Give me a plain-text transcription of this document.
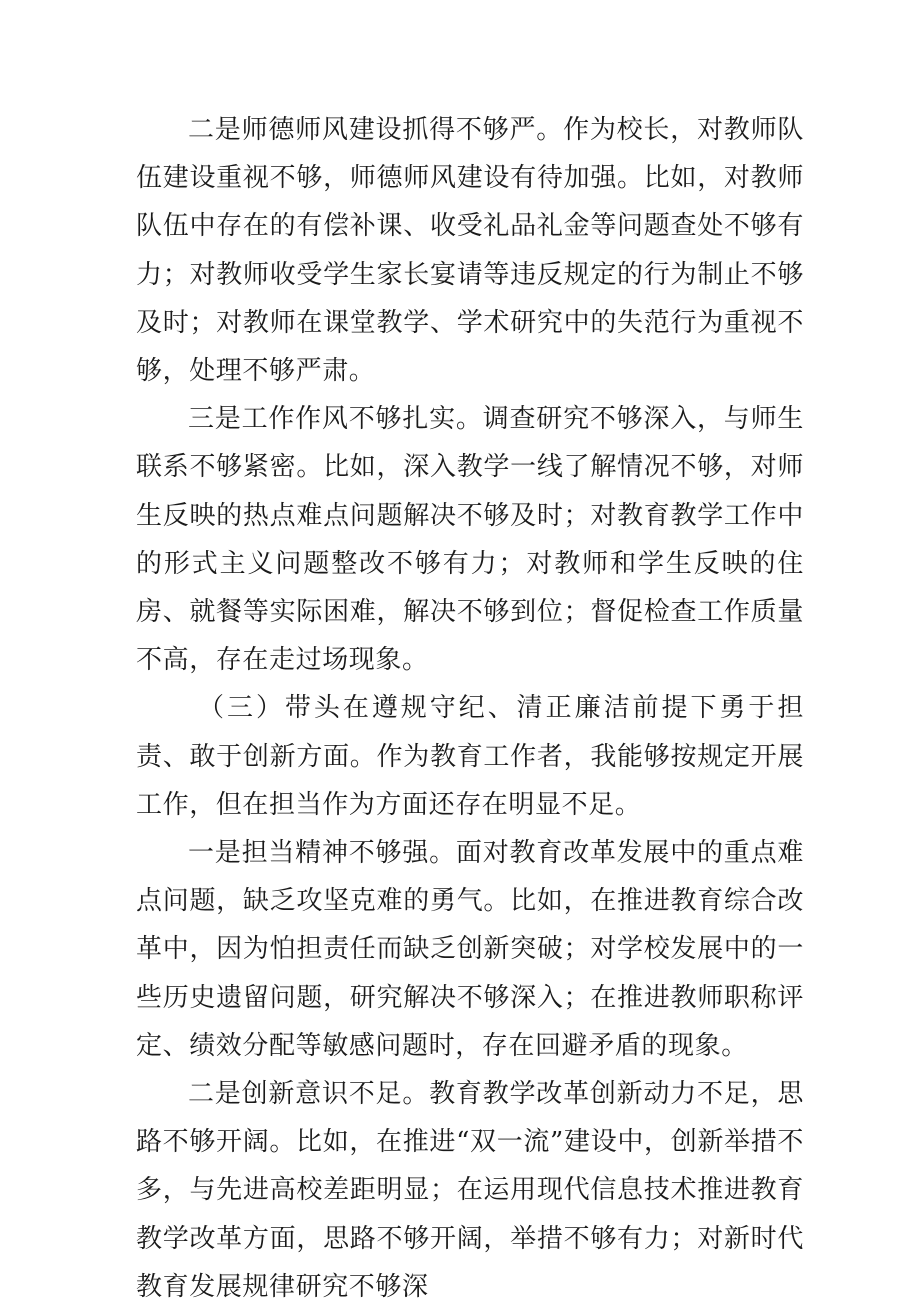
二是师德师风建设抓得不够严。作为校长，对教师队伍建设重视不够，师德师风建设有待加强。比如，对教师队伍中存在的有偿补课、收受礼品礼金等问题查处不够有力；对教师收受学生家长宴请等违反规定的行为制止不够及时；对教师在课堂教学、学术研究中的失范行为重视不够，处理不够严肃。

三是工作作风不够扎实。调查研究不够深入，与师生联系不够紧密。比如，深入教学一线了解情况不够，对师生反映的热点难点问题解决不够及时；对教育教学工作中的形式主义问题整改不够有力；对教师和学生反映的住房、就餐等实际困难，解决不够到位；督促检查工作质量不高，存在走过场现象。

（三）带头在遵规守纪、清正廉洁前提下勇于担责、敢于创新方面。作为教育工作者，我能够按规定开展工作，但在担当作为方面还存在明显不足。

一是担当精神不够强。面对教育改革发展中的重点难点问题，缺乏攻坚克难的勇气。比如，在推进教育综合改革中，因为怕担责任而缺乏创新突破；对学校发展中的一些历史遗留问题，研究解决不够深入；在推进教师职称评定、绩效分配等敏感问题时，存在回避矛盾的现象。

二是创新意识不足。教育教学改革创新动力不足，思路不够开阔。比如，在推进“双一流”建设中，创新举措不多，与先进高校差距明显；在运用现代信息技术推进教育教学改革方面，思路不够开阔，举措不够有力；对新时代教育发展规律研究不够深
